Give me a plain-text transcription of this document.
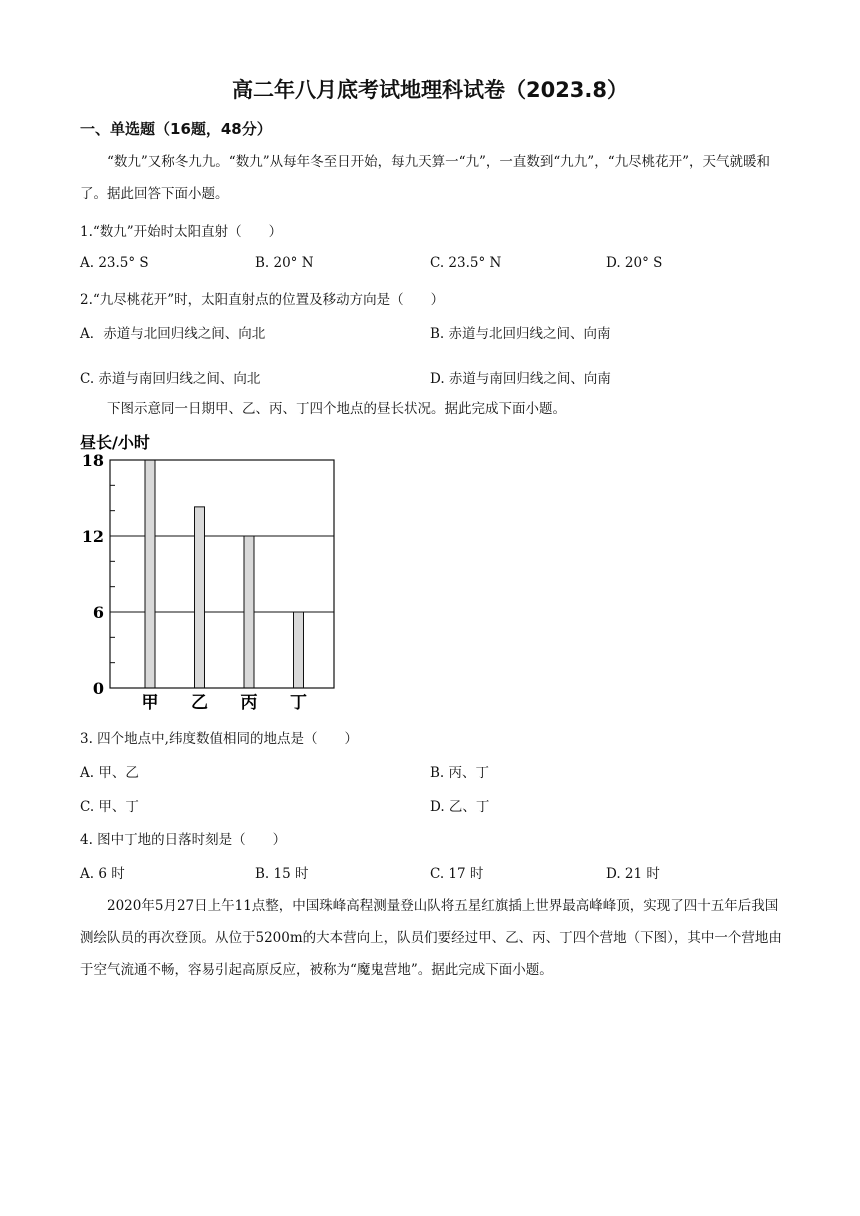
高二年八月底考试地理科试卷（2023.8）
一、单选题（16题，48分）
“数九”又称冬九九。“数九”从每年冬至日开始，每九天算一“九”，一直数到“九九”，“九尽桃花开”，天气就暖和了。据此回答下面小题。
1.“数九”开始时太阳直射（　　）
A. 23.5° S	B. 20° N	C. 23.5° N	D. 20° S
2.“九尽桃花开”时，太阳直射点的位置及移动方向是（　　）
A．赤道与北回归线之间、向北	B. 赤道与北回归线之间、向南
C. 赤道与南回归线之间、向北	D. 赤道与南回归线之间、向南
下图示意同一日期甲、乙、丙、丁四个地点的昼长状况。据此完成下面小题。
昼长/小时
0
6
12
18
甲 乙 丙 丁
3. 四个地点中,纬度数值相同的地点是（　　）
A. 甲、乙	B. 丙、丁
C. 甲、丁	D. 乙、丁
4. 图中丁地的日落时刻是（　　）
A. 6 时	B. 15 时	C. 17 时	D. 21 时
2020年5月27日上午11点整，中国珠峰高程测量登山队将五星红旗插上世界最高峰峰顶，实现了四十五年后我国测绘队员的再次登顶。从位于5200m的大本营向上，队员们要经过甲、乙、丙、丁四个营地（下图），其中一个营地由于空气流通不畅，容易引起高原反应，被称为“魔鬼营地”。据此完成下面小题。
